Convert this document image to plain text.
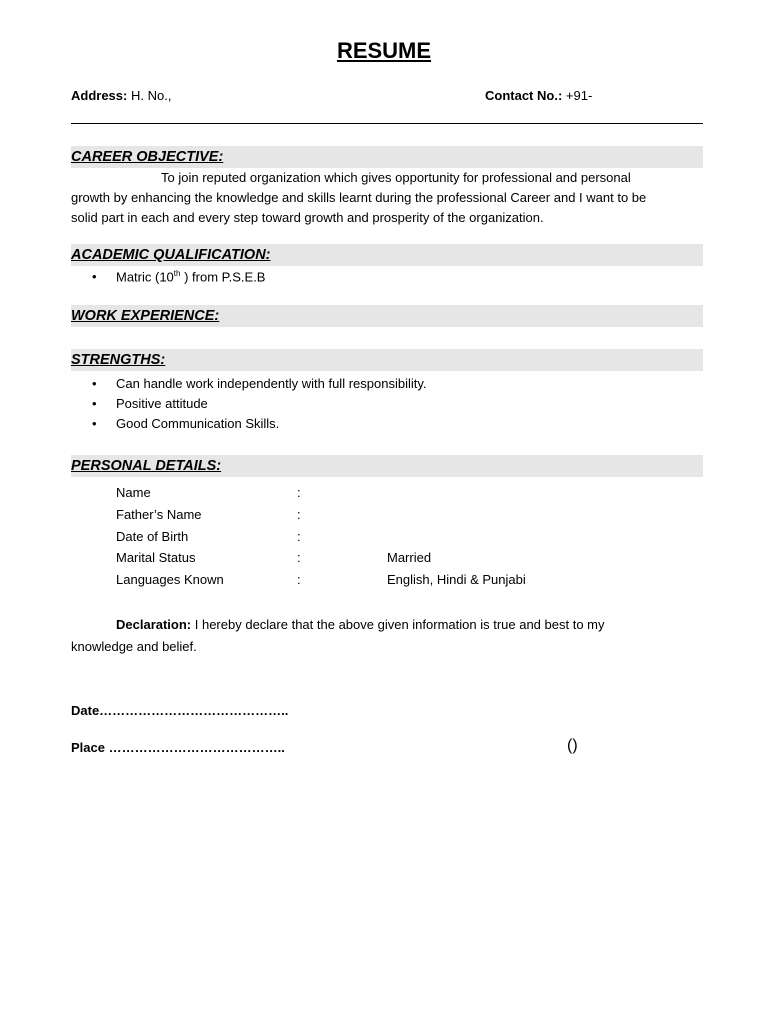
RESUME
Address: H. No.,	Contact No.: +91-
CAREER OBJECTIVE:
To join reputed organization which gives opportunity for professional and personal
growth by enhancing the knowledge and skills learnt during the professional Career and I want to be
solid part in each and every step toward growth and prosperity of the organization.
ACADEMIC QUALIFICATION:
• Matric (10th ) from P.S.E.B
WORK EXPERIENCE:
STRENGTHS:
• Can handle work independently with full responsibility.
• Positive attitude
• Good Communication Skills.
PERSONAL DETAILS:
Name	:
Father’s Name	:
Date of Birth	:
Marital Status	:	Married
Languages Known	:	English, Hindi & Punjabi
Declaration: I hereby declare that the above given information is true and best to my
knowledge and belief.
Date……………………………………..
Place …………………………………..	()
